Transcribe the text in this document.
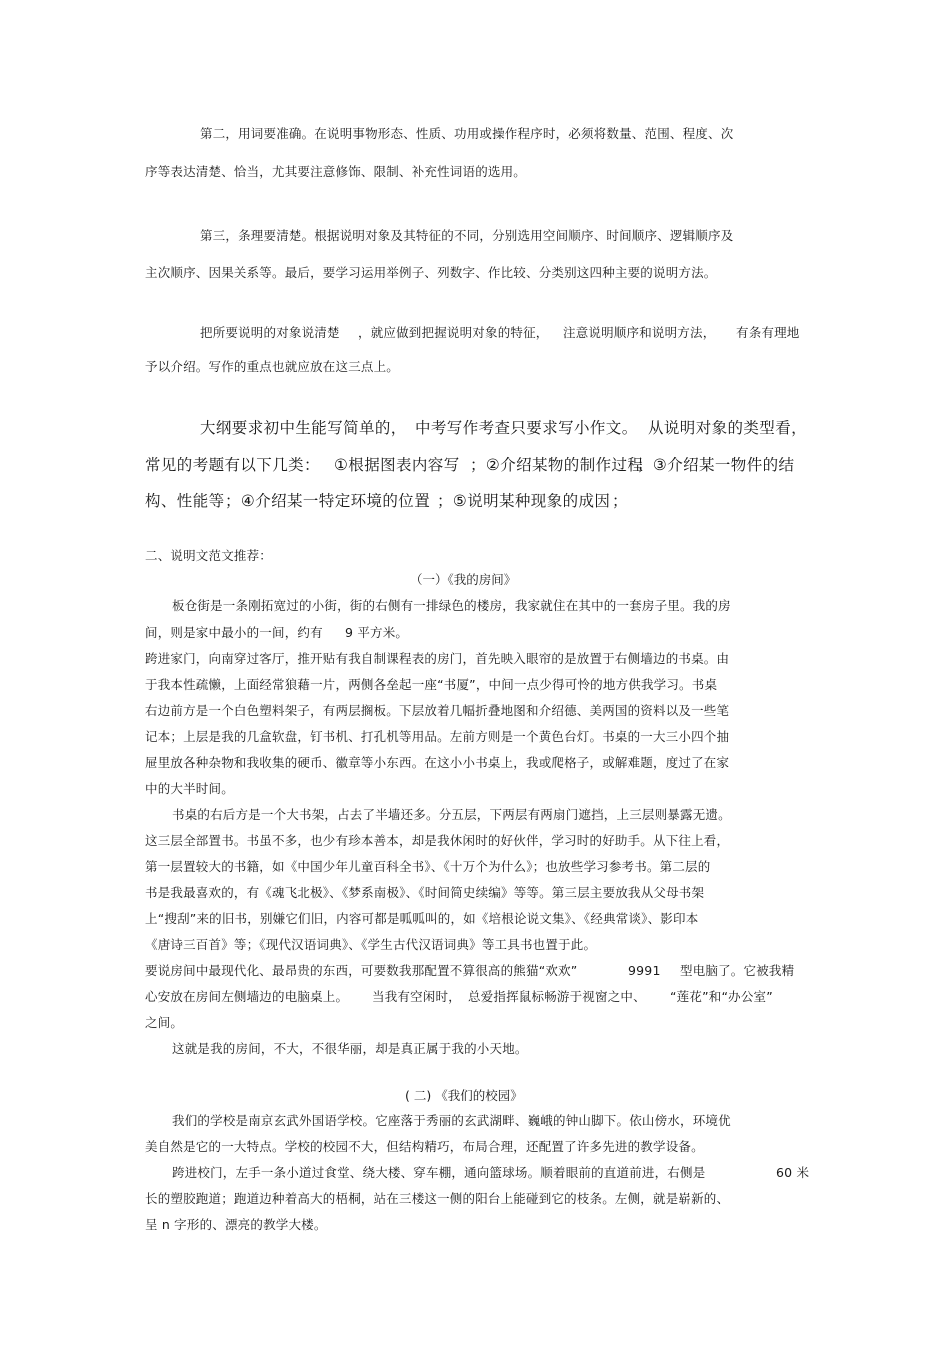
第二，用词要准确。在说明事物形态、性质、功用或操作程序时，必须将数量、范围、程度、次
序等表达清楚、恰当，尤其要注意修饰、限制、补充性词语的选用。
第三，条理要清楚。根据说明对象及其特征的不同，分别选用空间顺序、时间顺序、逻辑顺序及
主次顺序、因果关系等。最后，要学习运用举例子、列数字、作比较、分类别这四种主要的说明方法。
把所要说明的对象说清楚 ，就应做到把握说明对象的特征， 注意说明顺序和说明方法， 有条有理地
予以介绍。写作的重点也就应放在这三点上。
大纲要求初中生能写简单的， 中考写作考查只要求写小作文。 从说明对象的类型看，
常见的考题有以下几类： ①根据图表内容写 ；②介绍某物的制作过程
；③介绍某一物件的结
构、性能等 ；④介绍某一特定环境的位置 ；⑤说明某种现象的成因 ；
二、说明文范文推荐：
（一）《我的房间》
板仓街是一条刚拓宽过的小街，街的右侧有一排绿色的楼房，我家就住在其中的一套房子里。我的房
间，则是家中最小的一间，约有 9 平方米。
跨进家门，向南穿过客厅，推开贴有我自制课程表的房门，首先映入眼帘的是放置于右侧墙边的书桌。由
于我本性疏懒，上面经常狼藉一片，两侧各垒起一座“书厦”，中间一点少得可怜的地方供我学习。书桌
右边前方是一个白色塑料架子，有两层搁板。下层放着几幅折叠地图和介绍德、美两国的资料以及一些笔
记本；上层是我的几盒软盘，钉书机、打孔机等用品。左前方则是一个黄色台灯。书桌的一大三小四个抽
屉里放各种杂物和我收集的硬币、徽章等小东西。在这小小书桌上，我或爬格子，或解难题，度过了在家
中的大半时间。
书桌的右后方是一个大书架，占去了半墙还多。分五层，下两层有两扇门遮挡，上三层则暴露无遗。
这三层全部置书。书虽不多，也少有珍本善本，却是我休闲时的好伙伴，学习时的好助手。从下往上看，
第一层置较大的书籍，如《中国少年儿童百科全书》、《十万个为什么》；也放些学习参考书。第二层的
书是我最喜欢的，有《魂飞北极》、《梦系南极》、《时间简史续编》等等。第三层主要放我从父母书架
上“搜刮”来的旧书，别嫌它们旧，内容可都是呱呱叫的，如《培根论说文集》、《经典常谈》、影印本
《唐诗三百首》等；《现代汉语词典》、《学生古代汉语词典》等工具书也置于此。
要说房间中最现代化、最昂贵的东西，可要数我那配置不算很高的熊猫“欢欢”	9991 型电脑了。它被我精
心安放在房间左侧墙边的电脑桌上。 当我有空闲时， 总爱指挥鼠标畅游于视窗之中、 “莲花”和“办公室”
之间。
这就是我的房间，不大，不很华丽，却是真正属于我的小天地。
( 二) 《我们的校园》
我们的学校是南京玄武外国语学校。它座落于秀丽的玄武湖畔、巍峨的钟山脚下。依山傍水，环境优
美自然是它的一大特点。学校的校园不大，但结构精巧，布局合理，还配置了许多先进的教学设备。
跨进校门，左手一条小道过食堂、绕大楼、穿车棚，通向篮球场。顺着眼前的直道前进，右侧是	60 米
长的塑胶跑道；跑道边种着高大的梧桐，站在三楼这一侧的阳台上能碰到它的枝条。左侧，就是崭新的、
呈 n 字形的、漂亮的教学大楼。
